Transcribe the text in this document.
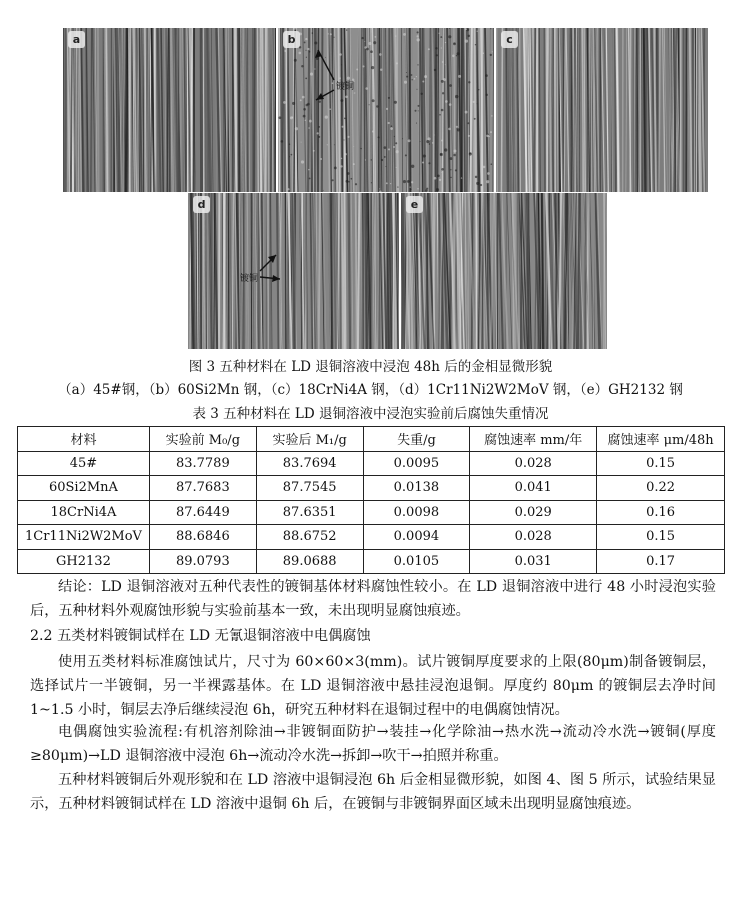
a	b
镀铜
c
d
镀铜
e
图 3 五种材料在 LD 退铜溶液中浸泡 48h 后的金相显微形貌
（a）45#钢，（b）60Si2Mn 钢，（c）18CrNi4A 钢，（d）1Cr11Ni2W2MoV 钢，（e）GH2132 钢
表 3 五种材料在 LD 退铜溶液中浸泡实验前后腐蚀失重情况
材料	实验前 M₀/g	实验后 M₁/g	失重/g	腐蚀速率 mm/年	腐蚀速率 μm/48h
45#	83.7789	83.7694	0.0095	0.028	0.15
60Si2MnA	87.7683	87.7545	0.0138	0.041	0.22
18CrNi4A	87.6449	87.6351	0.0098	0.029	0.16
1Cr11Ni2W2MoV	88.6846	88.6752	0.0094	0.028	0.15
GH2132	89.0793	89.0688	0.0105	0.031	0.17

结论：LD 退铜溶液对五种代表性的镀铜基体材料腐蚀性较小。在 LD 退铜溶液中进行 48 小时浸泡实验后，五种材料外观腐蚀形貌与实验前基本一致，未出现明显腐蚀痕迹。

2.2 五类材料镀铜试样在 LD 无氰退铜溶液中电偶腐蚀

使用五类材料标准腐蚀试片，尺寸为 60×60×3(mm)。试片镀铜厚度要求的上限(80μm)制备镀铜层，选择试片一半镀铜，另一半裸露基体。在 LD 退铜溶液中悬挂浸泡退铜。厚度约 80μm 的镀铜层去净时间 1~1.5 小时，铜层去净后继续浸泡 6h，研究五种材料在退铜过程中的电偶腐蚀情况。

电偶腐蚀实验流程:有机溶剂除油→非镀铜面防护→装挂→化学除油→热水洗→流动冷水洗→镀铜(厚度≥80μm)→LD 退铜溶液中浸泡 6h→流动冷水洗→拆卸→吹干→拍照并称重。

五种材料镀铜后外观形貌和在 LD 溶液中退铜浸泡 6h 后金相显微形貌，如图 4、图 5 所示，试验结果显示，五种材料镀铜试样在 LD 溶液中退铜 6h 后，在镀铜与非镀铜界面区域未出现明显腐蚀痕迹。
